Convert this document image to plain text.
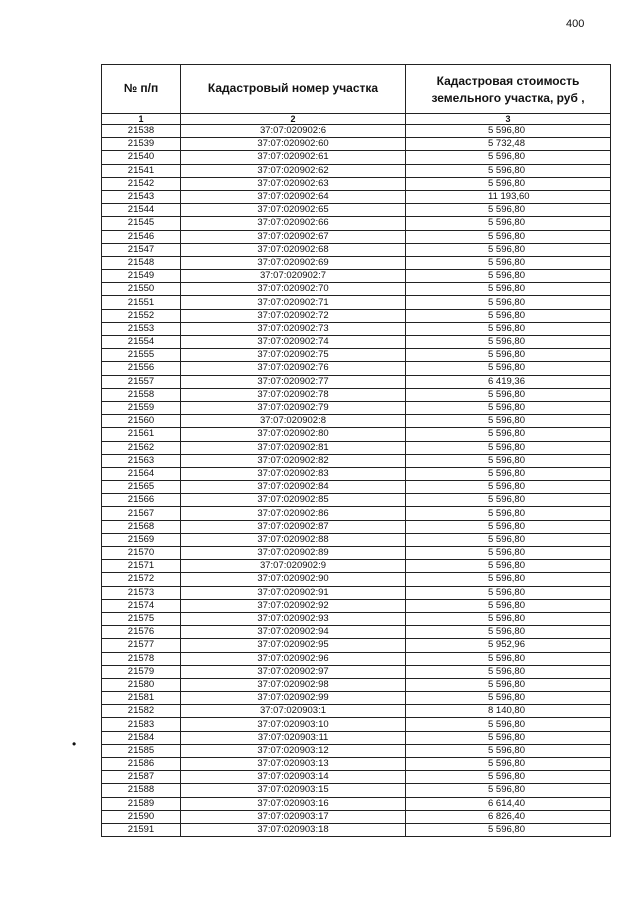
400
•
№ п/п	Кадастровый номер участка	Кадастровая стоимость земельного участка, руб ,
1	2	3
21538	37:07:020902:6	5 596,80
21539	37:07:020902:60	5 732,48
21540	37:07:020902:61	5 596,80
21541	37:07:020902:62	5 596,80
21542	37:07:020902:63	5 596,80
21543	37:07:020902:64	11 193,60
21544	37:07:020902:65	5 596,80
21545	37:07:020902:66	5 596,80
21546	37:07:020902:67	5 596,80
21547	37:07:020902:68	5 596,80
21548	37:07:020902:69	5 596,80
21549	37:07:020902:7	5 596,80
21550	37:07:020902:70	5 596,80
21551	37:07:020902:71	5 596,80
21552	37:07:020902:72	5 596,80
21553	37:07:020902:73	5 596,80
21554	37:07:020902:74	5 596,80
21555	37:07:020902:75	5 596,80
21556	37:07:020902:76	5 596,80
21557	37:07:020902:77	6 419,36
21558	37:07:020902:78	5 596,80
21559	37:07:020902:79	5 596,80
21560	37:07:020902:8	5 596,80
21561	37:07:020902:80	5 596,80
21562	37:07:020902:81	5 596,80
21563	37:07:020902:82	5 596,80
21564	37:07:020902:83	5 596,80
21565	37:07:020902:84	5 596,80
21566	37:07:020902:85	5 596,80
21567	37:07:020902:86	5 596,80
21568	37:07:020902:87	5 596,80
21569	37:07:020902:88	5 596,80
21570	37:07:020902:89	5 596,80
21571	37:07:020902:9	5 596,80
21572	37:07:020902:90	5 596,80
21573	37:07:020902:91	5 596,80
21574	37:07:020902:92	5 596,80
21575	37:07:020902:93	5 596,80
21576	37:07:020902:94	5 596,80
21577	37:07:020902:95	5 952,96
21578	37:07:020902:96	5 596,80
21579	37:07:020902:97	5 596,80
21580	37:07:020902:98	5 596,80
21581	37:07:020902:99	5 596,80
21582	37:07:020903:1	8 140,80
21583	37:07:020903:10	5 596,80
21584	37:07:020903:11	5 596,80
21585	37:07:020903:12	5 596,80
21586	37:07:020903:13	5 596,80
21587	37:07:020903:14	5 596,80
21588	37:07:020903:15	5 596,80
21589	37:07:020903:16	6 614,40
21590	37:07:020903:17	6 826,40
21591	37:07:020903:18	5 596,80
